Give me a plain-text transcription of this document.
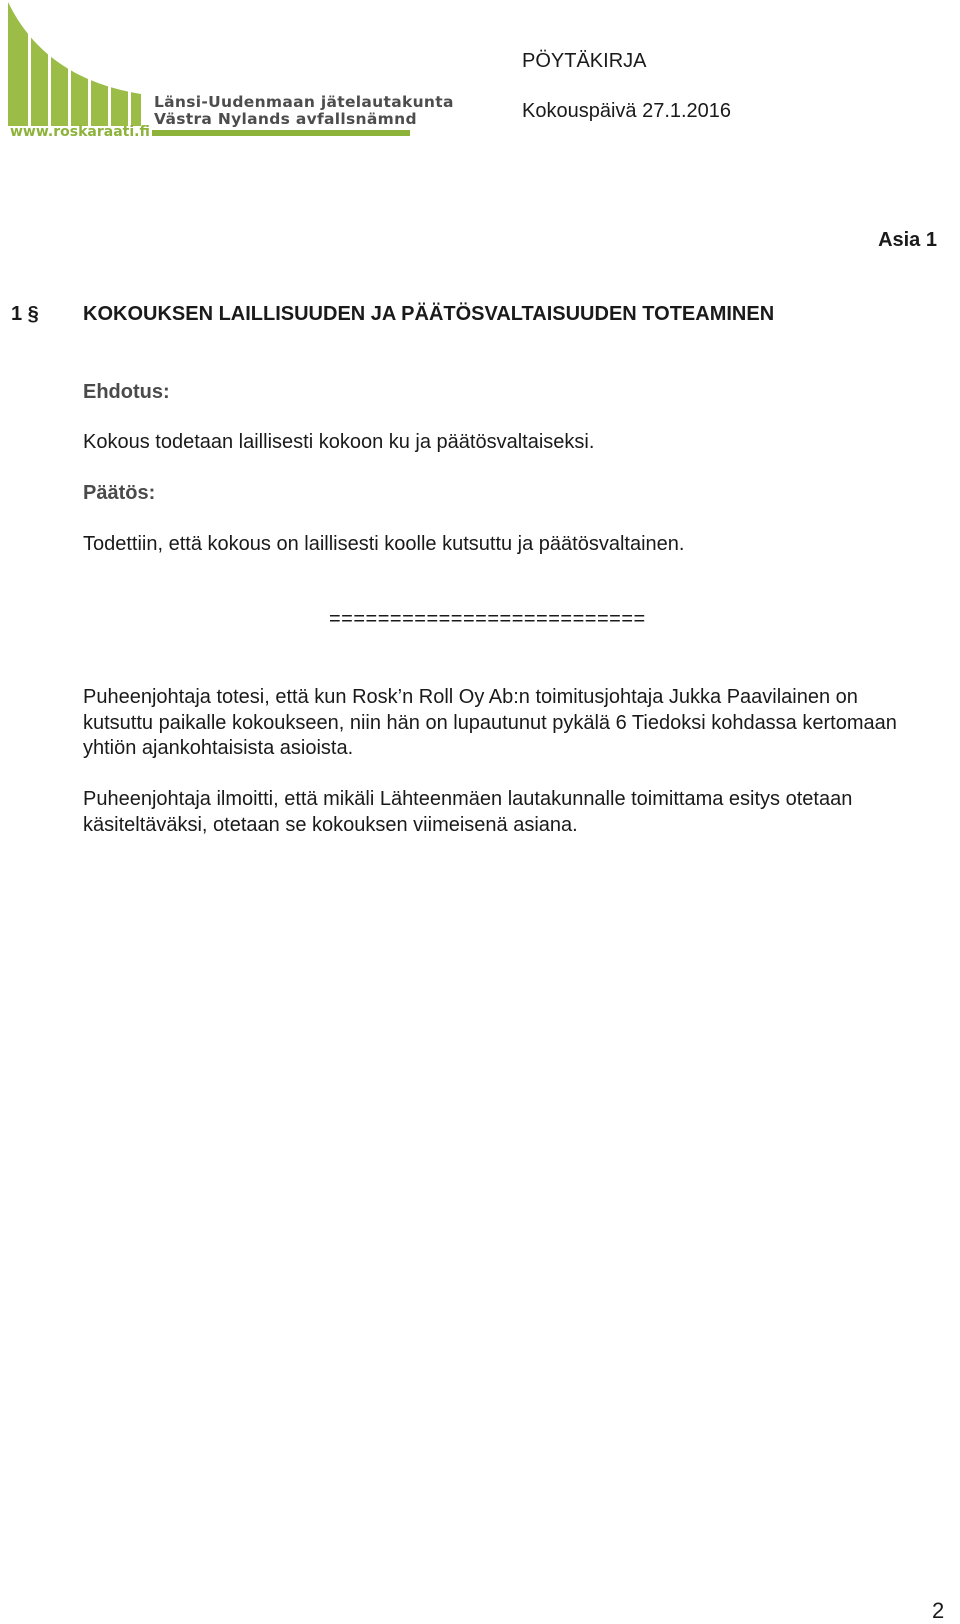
Länsi-Uudenmaan jätelautakunta
Västra Nylands avfallsnämnd
www.roskaraati.fi
PÖYTÄKIRJA
Kokouspäivä 27.1.2016
Asia 1
1 § KOKOUKSEN LAILLISUUDEN JA PÄÄTÖSVALTAISUUDEN TOTEAMINEN
Ehdotus:
Kokous todetaan laillisesti kokoon ku ja päätösvaltaiseksi.
Päätös:
Todettiin, että kokous on laillisesti koolle kutsuttu ja päätösvaltainen.
==========================
Puheenjohtaja totesi, että kun Rosk’n Roll Oy Ab:n toimitusjohtaja Jukka Paavilainen on kutsuttu paikalle kokoukseen, niin hän on lupautunut pykälä 6 Tiedoksi kohdassa kertomaan yhtiön ajankohtaisista asioista.
Puheenjohtaja ilmoitti, että mikäli Lähteenmäen lautakunnalle toimittama esitys otetaan käsiteltäväksi, otetaan se kokouksen viimeisenä asiana.
2
